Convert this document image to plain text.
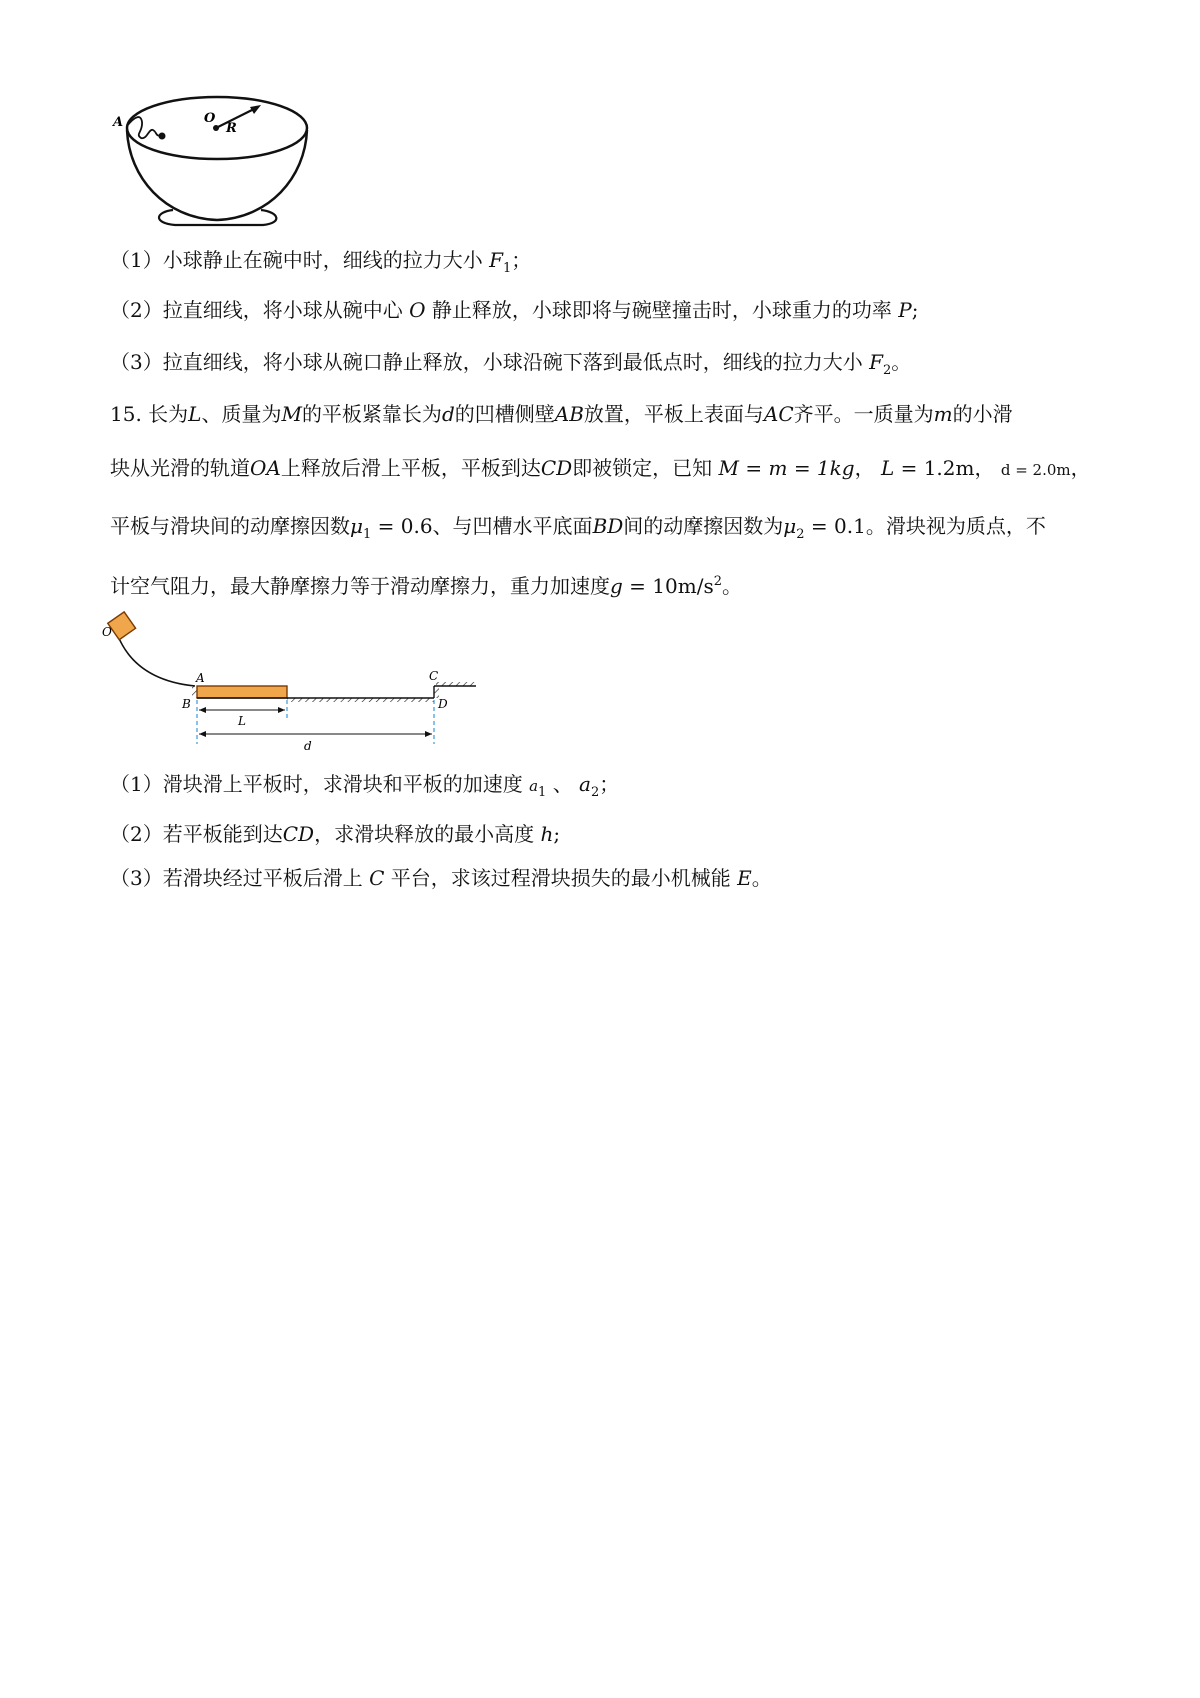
A	O
R
（1）小球静止在碗中时，细线的拉力大小 $F_1$；
（2）拉直细线，将小球从碗中心 O 静止释放，小球即将与碗壁撞击时，小球重力的功率 P;
（3）拉直细线，将小球从碗口静止释放，小球沿碗下落到最低点时，细线的拉力大小 $F_2$。
15. 长为L、质量为M的平板紧靠长为d的凹槽侧壁AB放置，平板上表面与AC齐平。一质量为m的小滑
块从光滑的轨道OA上释放后滑上平板，平板到达CD即被锁定，已知 M = m = 1kg， L = 1.2m， d = 2.0m，
平板与滑块间的动摩擦因数$\mu_1 = 0.6$、与凹槽水平底面BD间的动摩擦因数为$\mu_2 = 0.1$。滑块视为质点，不
计空气阻力，最大静摩擦力等于滑动摩擦力，重力加速度$g = 10m/s^2$。
O
A
B
C
D
L
d
（1）滑块滑上平板时，求滑块和平板的加速度 $a_1$ 、 $a_2$；
（2）若平板能到达CD，求滑块释放的最小高度 h;
（3）若滑块经过平板后滑上 C 平台，求该过程滑块损失的最小机械能 E。
